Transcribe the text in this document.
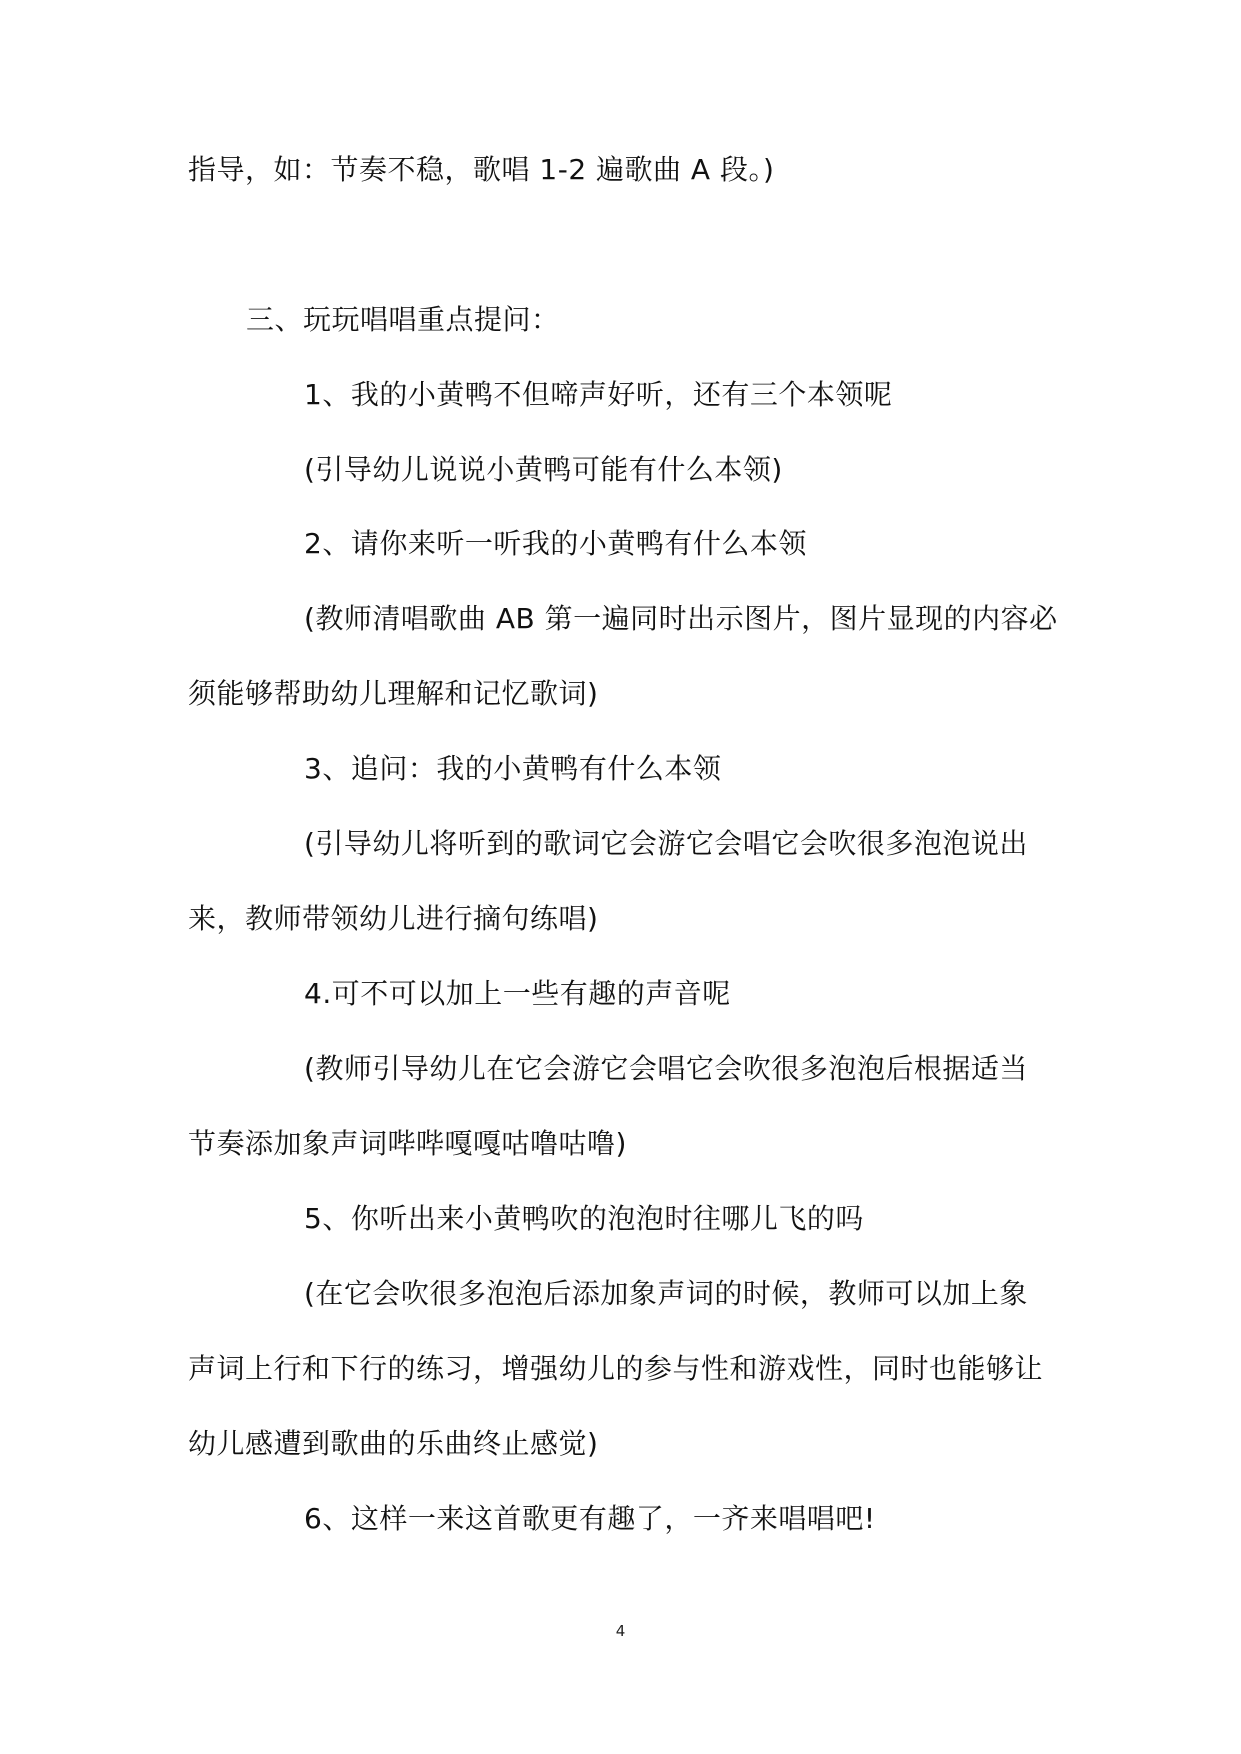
指导，如：节奏不稳，歌唱 1-2 遍歌曲 A 段。)
三、玩玩唱唱重点提问：
1、我的小黄鸭不但啼声好听，还有三个本领呢
(引导幼儿说说小黄鸭可能有什么本领)
2、请你来听一听我的小黄鸭有什么本领
(教师清唱歌曲 AB 第一遍同时出示图片，图片显现的内容必
须能够帮助幼儿理解和记忆歌词)
3、追问：我的小黄鸭有什么本领
(引导幼儿将听到的歌词它会游它会唱它会吹很多泡泡说出
来，教师带领幼儿进行摘句练唱)
4.可不可以加上一些有趣的声音呢
(教师引导幼儿在它会游它会唱它会吹很多泡泡后根据适当
节奏添加象声词哔哔嘎嘎咕噜咕噜)
5、你听出来小黄鸭吹的泡泡时往哪儿飞的吗
(在它会吹很多泡泡后添加象声词的时候，教师可以加上象
声词上行和下行的练习，增强幼儿的参与性和游戏性，同时也能够让
幼儿感遭到歌曲的乐曲终止感觉)
6、这样一来这首歌更有趣了，一齐来唱唱吧!
4
